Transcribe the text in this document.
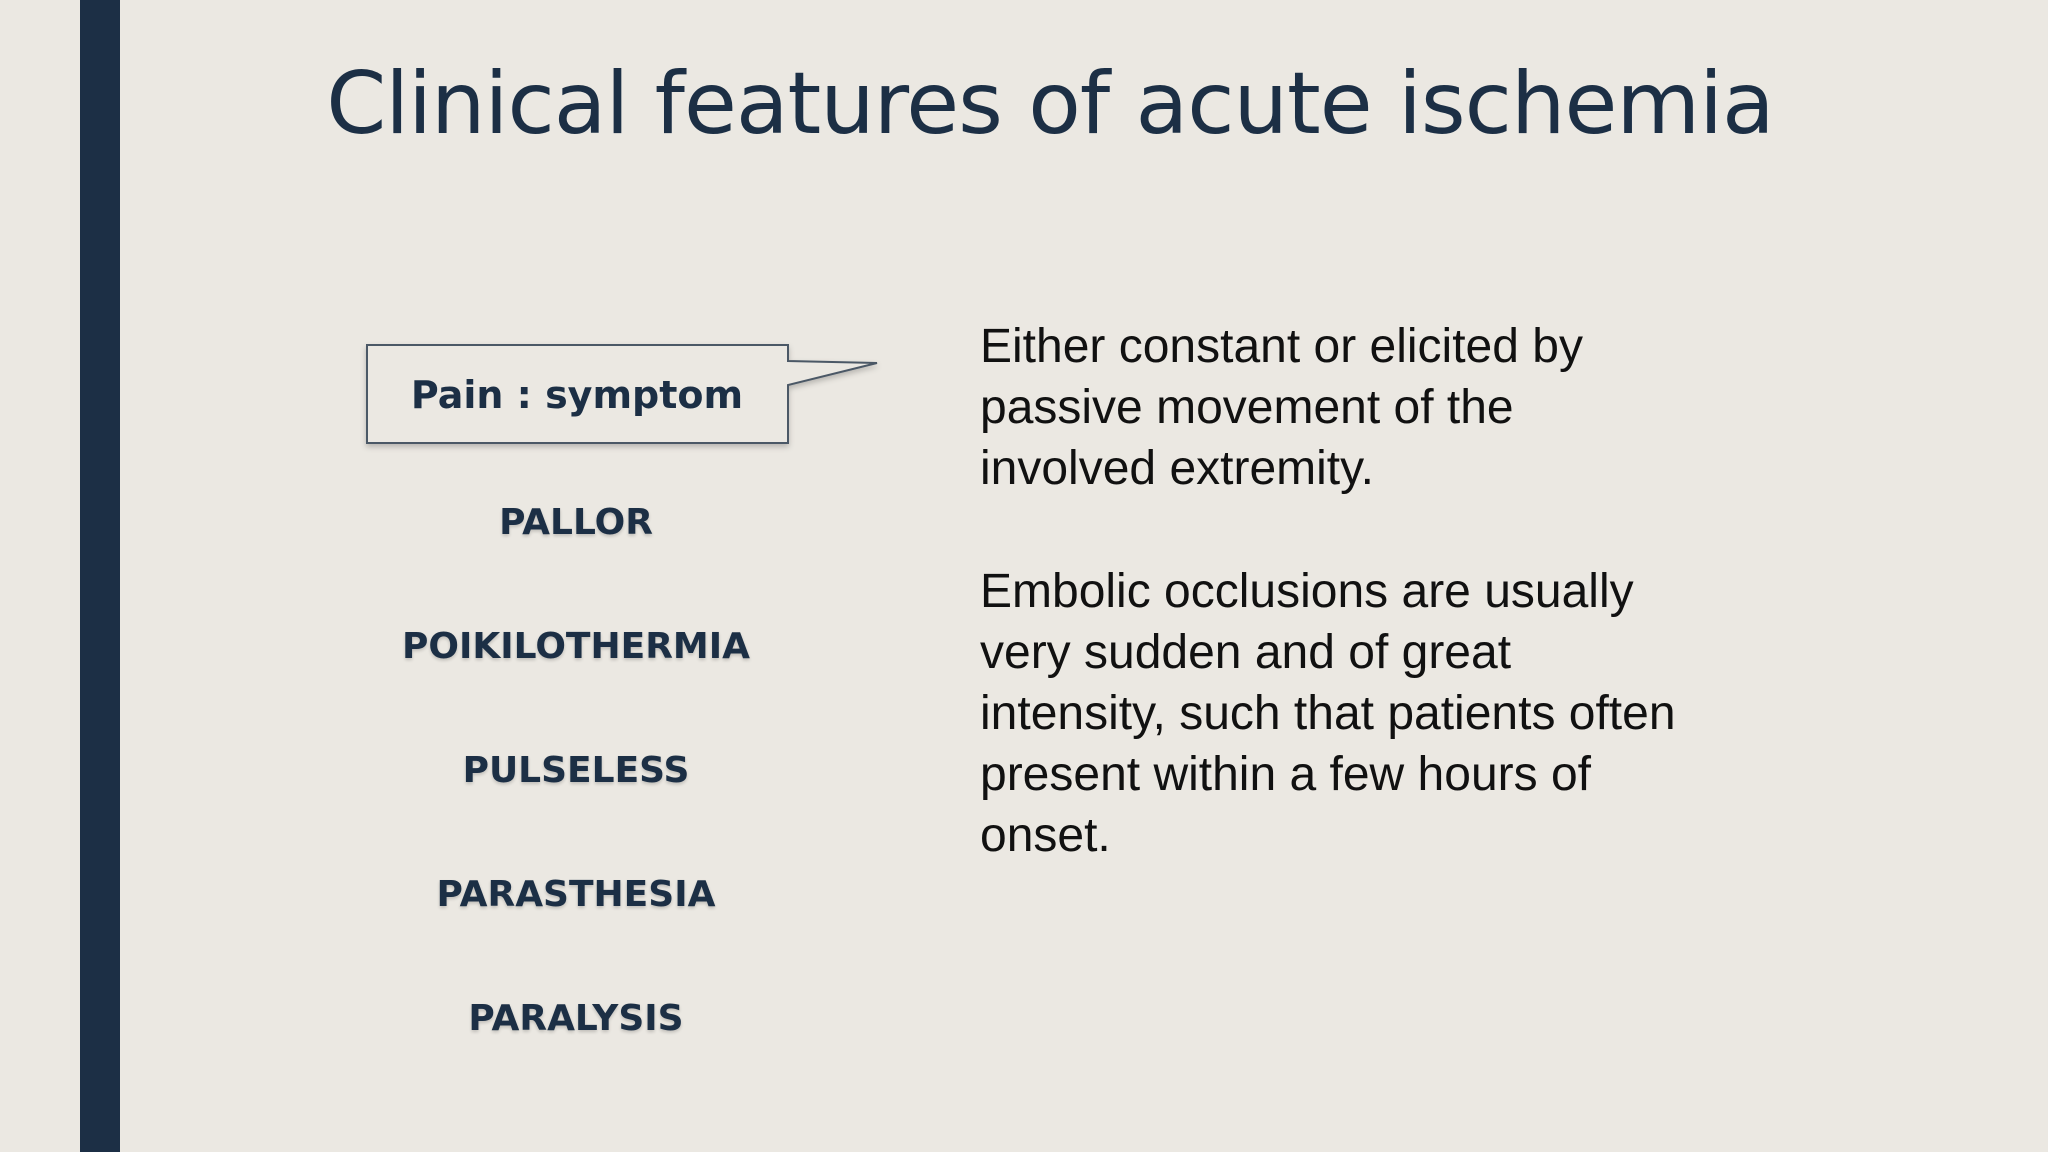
Clinical features of acute ischemia
Pain : symptom
PALLOR
POIKILOTHERMIA
PULSELESS
PARASTHESIA
PARALYSIS

Either constant or elicited by passive movement of the involved extremity.

Embolic occlusions are usually very sudden and of great intensity, such that patients often present within a few hours of onset.
